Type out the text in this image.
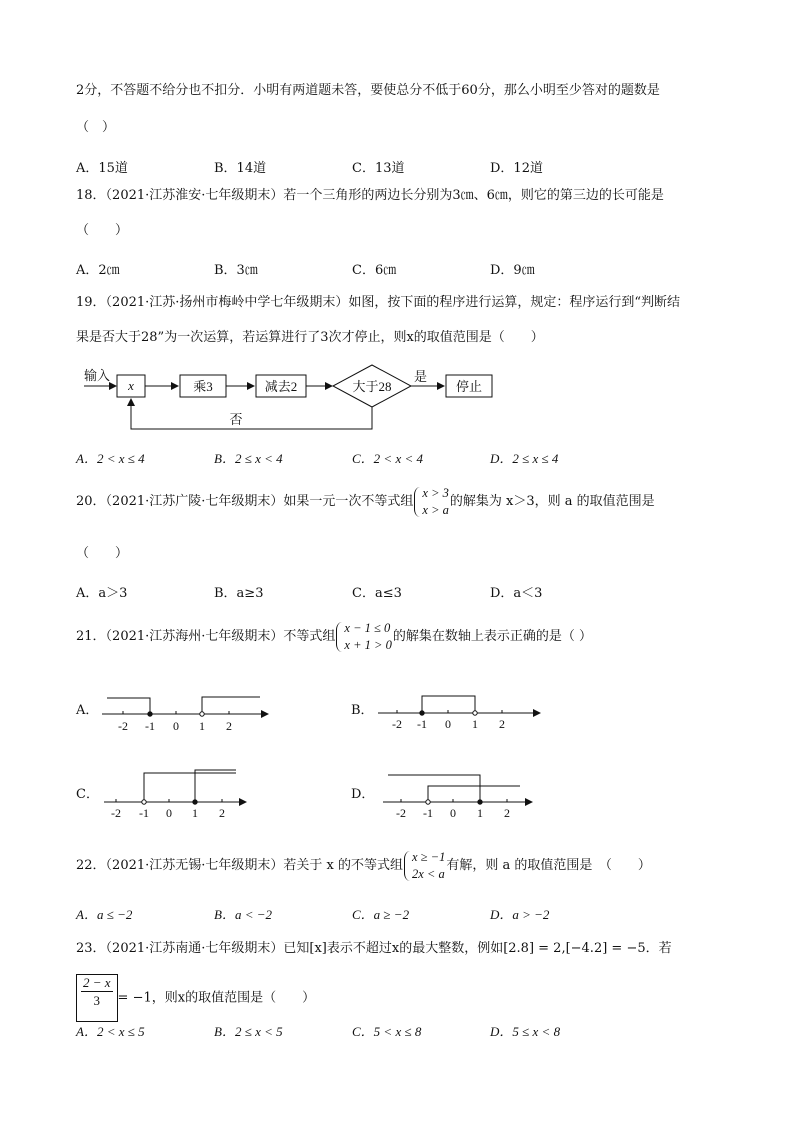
2分，不答题不给分也不扣分．小明有两道题未答，要使总分不低于60分，那么小明至少答对的题数是
（　）
A．15道	B．14道	C．13道	D．12道
18．（2021·江苏淮安·七年级期末）若一个三角形的两边长分别为3㎝、6㎝，则它的第三边的长可能是
（　　）
A．2㎝	B．3㎝	C．6㎝	D．9㎝
19．（2021·江苏·扬州市梅岭中学七年级期末）如图，按下面的程序进行运算，规定：程序运行到“判断结
果是否大于28”为一次运算，若运算进行了3次才停止，则x的取值范围是（　　）
输入
x	乘3	减去2	大于28
是
停止
否
A．2 < x ≤ 4	B．2 ≤ x < 4	C．2 < x < 4	D．2 ≤ x ≤ 4
20．（2021·江苏广陵·七年级期末）如果一元一次不等式组
x > 3
x > a
的解集为 x＞3，则 a 的取值范围是
（　　）
A．a＞3	B．a≥3	C．a≤3	D．a＜3
21．（2021·江苏海州·七年级期末）不等式组
x − 1 ≤ 0
x + 1 > 0
的解集在数轴上表示正确的是（ ）
A．	B．
C．	D．
-2 -1 0 1 2	-2 -1 0 1 2
-2 -1 0 1 2	-2 -1 0 1 2
22．（2021·江苏无锡·七年级期末）若关于 x 的不等式组
x ≥ −1
2x < a
有解，则 a 的取值范围是　（　　）
A．a ≤ −2	B．a < −2	C．a ≥ −2	D．a > −2
23．（2021·江苏南通·七年级期末）已知[x]表示不超过x的最大整数，例如[2.8] = 2,[−4.2] = −5．若
$\frac{2 - x}{3} = -1$，则x的取值范围是（　　）
A．2 < x ≤ 5	B．2 ≤ x < 5	C．5 < x ≤ 8	D．5 ≤ x < 8
